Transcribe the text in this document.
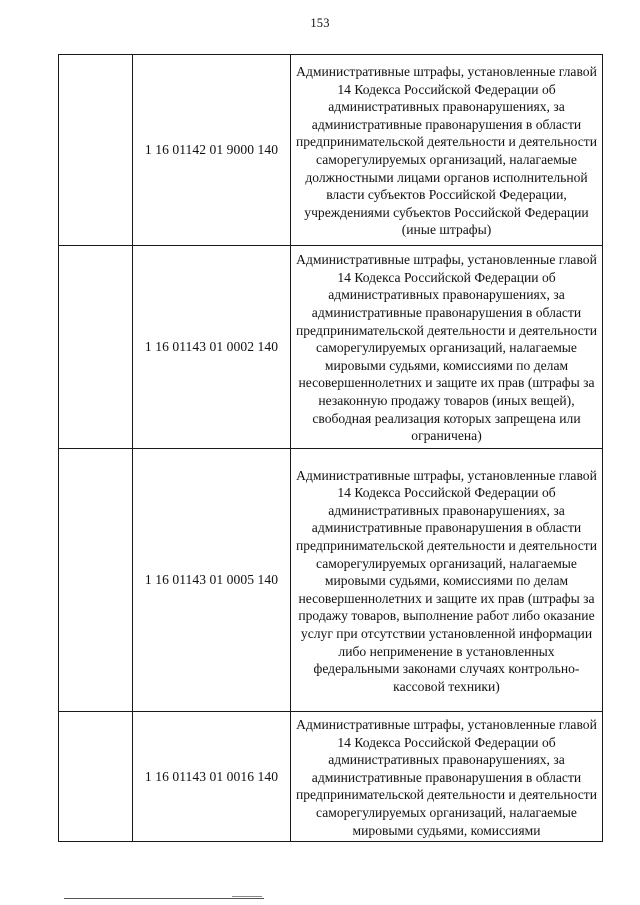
153
	1 16 01142 01 9000 140	Административные штрафы, установленные главой 14 Кодекса Российской Федерации об административных правонарушениях, за административные правонарушения в области предпринимательской деятельности и деятельности саморегулируемых организаций, налагаемые должностными лицами органов исполнительной власти субъектов Российской Федерации, учреждениями субъектов Российской Федерации (иные штрафы)
	1 16 01143 01 0002 140	Административные штрафы, установленные главой 14 Кодекса Российской Федерации об административных правонарушениях, за административные правонарушения в области предпринимательской деятельности и деятельности саморегулируемых организаций, налагаемые мировыми судьями, комиссиями по делам несовершеннолетних и защите их прав (штрафы за незаконную продажу товаров (иных вещей), свободная реализация которых запрещена или ограничена)
	1 16 01143 01 0005 140	Административные штрафы, установленные главой 14 Кодекса Российской Федерации об административных правонарушениях, за административные правонарушения в области предпринимательской деятельности и деятельности саморегулируемых организаций, налагаемые мировыми судьями, комиссиями по делам несовершеннолетних и защите их прав (штрафы за продажу товаров, выполнение работ либо оказание услуг при отсутствии установленной информации либо неприменение в установленных федеральными законами случаях контрольно-кассовой техники)
	1 16 01143 01 0016 140	Административные штрафы, установленные главой 14 Кодекса Российской Федерации об административных правонарушениях, за административные правонарушения в области предпринимательской деятельности и деятельности саморегулируемых организаций, налагаемые мировыми судьями, комиссиями
